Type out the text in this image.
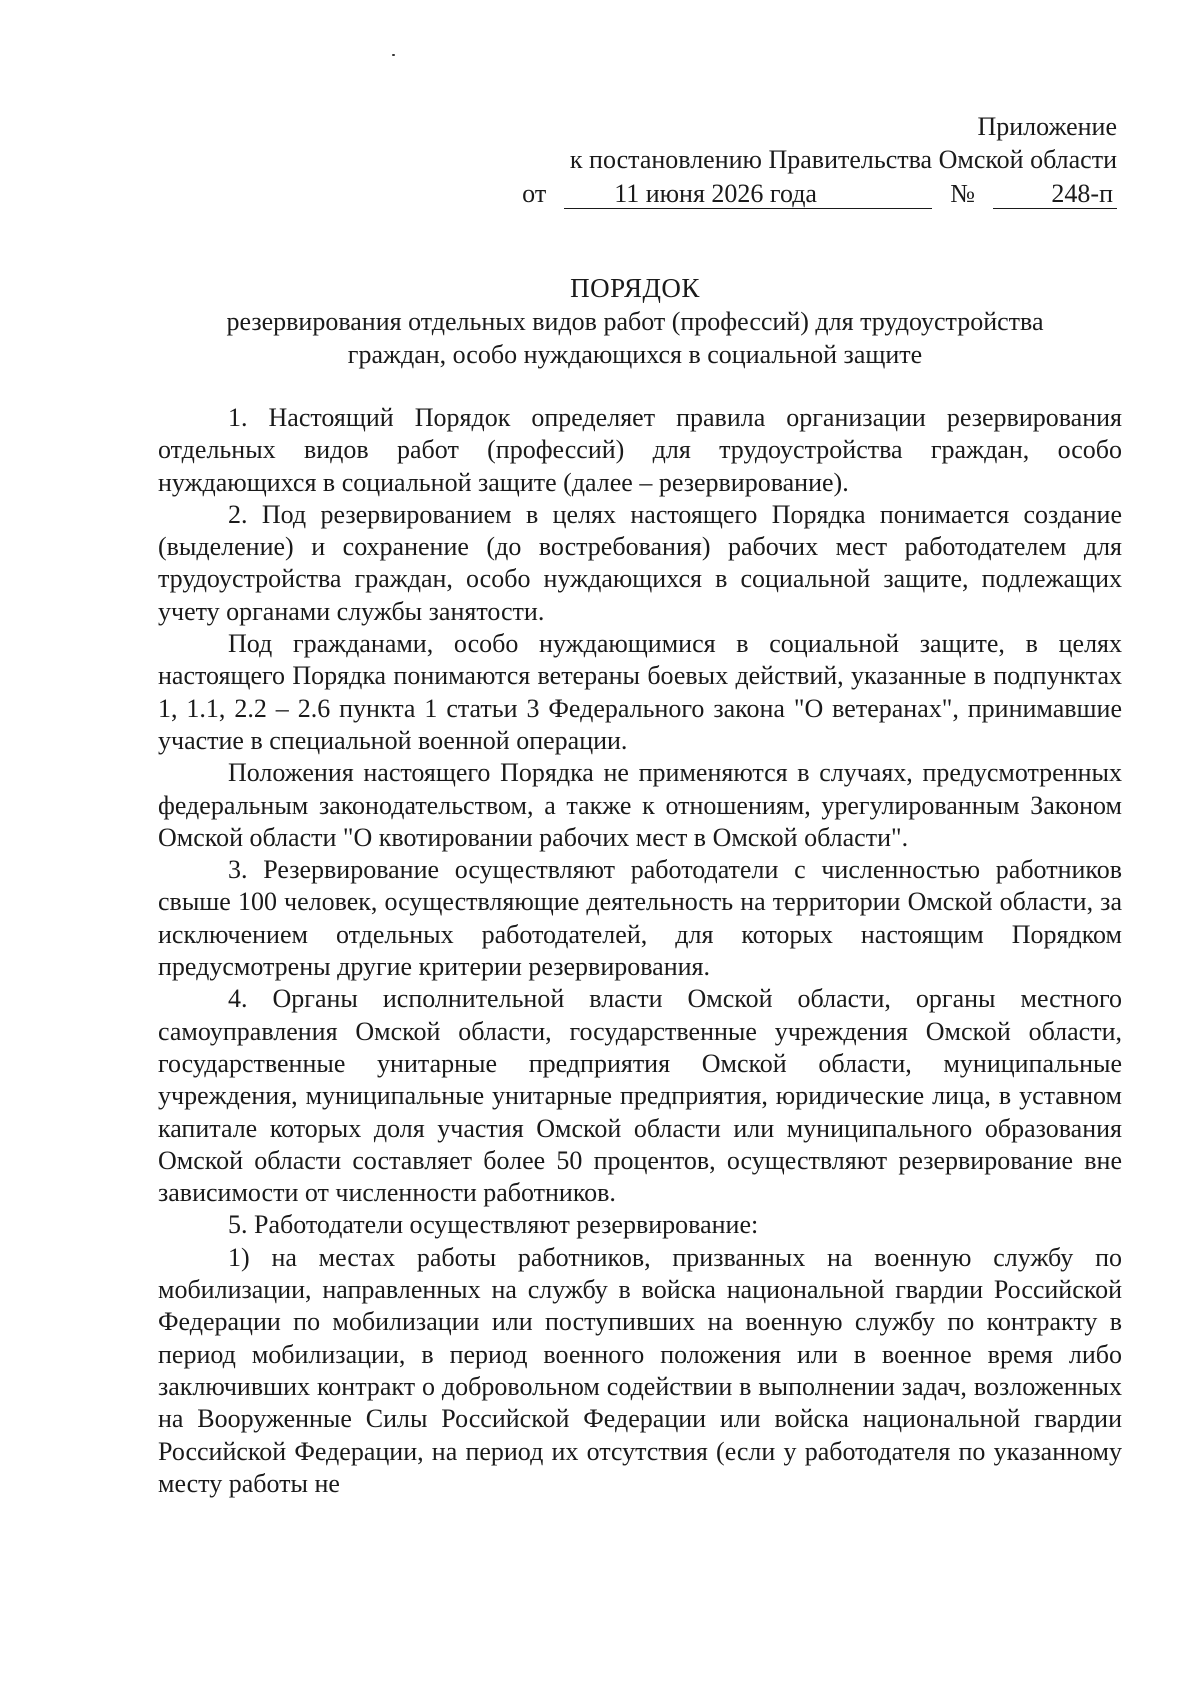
Приложение
к постановлению Правительства Омской области
от	11 июня 2026 года	№	248-п
ПОРЯДОК
резервирования отдельных видов работ (профессий) для трудоустройства
граждан, особо нуждающихся в социальной защите

1. Настоящий Порядок определяет правила организации резервирования отдельных видов работ (профессий) для трудоустройства граждан, особо нуждающихся в социальной защите (далее – резервирование).

2. Под резервированием в целях настоящего Порядка понимается создание (выделение) и сохранение (до востребования) рабочих мест работодателем для трудоустройства граждан, особо нуждающихся в социальной защите, подлежащих учету органами службы занятости.

Под гражданами, особо нуждающимися в социальной защите, в целях настоящего Порядка понимаются ветераны боевых действий, указанные в подпунктах 1, 1.1, 2.2 – 2.6 пункта 1 статьи 3 Федерального закона "О ветеранах", принимавшие участие в специальной военной операции.

Положения настоящего Порядка не применяются в случаях, предусмотренных федеральным законодательством, а также к отношениям, урегулированным Законом Омской области "О квотировании рабочих мест в Омской области".

3. Резервирование осуществляют работодатели с численностью работников свыше 100 человек, осуществляющие деятельность на территории Омской области, за исключением отдельных работодателей, для которых настоящим Порядком предусмотрены другие критерии резервирования.

4. Органы исполнительной власти Омской области, органы местного самоуправления Омской области, государственные учреждения Омской области, государственные унитарные предприятия Омской области, муниципальные учреждения, муниципальные унитарные предприятия, юридические лица, в уставном капитале которых доля участия Омской области или муниципального образования Омской области составляет более 50 процентов, осуществляют резервирование вне зависимости от численности работников.

5. Работодатели осуществляют резервирование:

1) на местах работы работников, призванных на военную службу по мобилизации, направленных на службу в войска национальной гвардии Российской Федерации по мобилизации или поступивших на военную службу по контракту в период мобилизации, в период военного положения или в военное время либо заключивших контракт о добровольном содействии в выполнении задач, возложенных на Вооруженные Силы Российской Федерации или войска национальной гвардии Российской Федерации, на период их отсутствия (если у работодателя по указанному месту работы не
